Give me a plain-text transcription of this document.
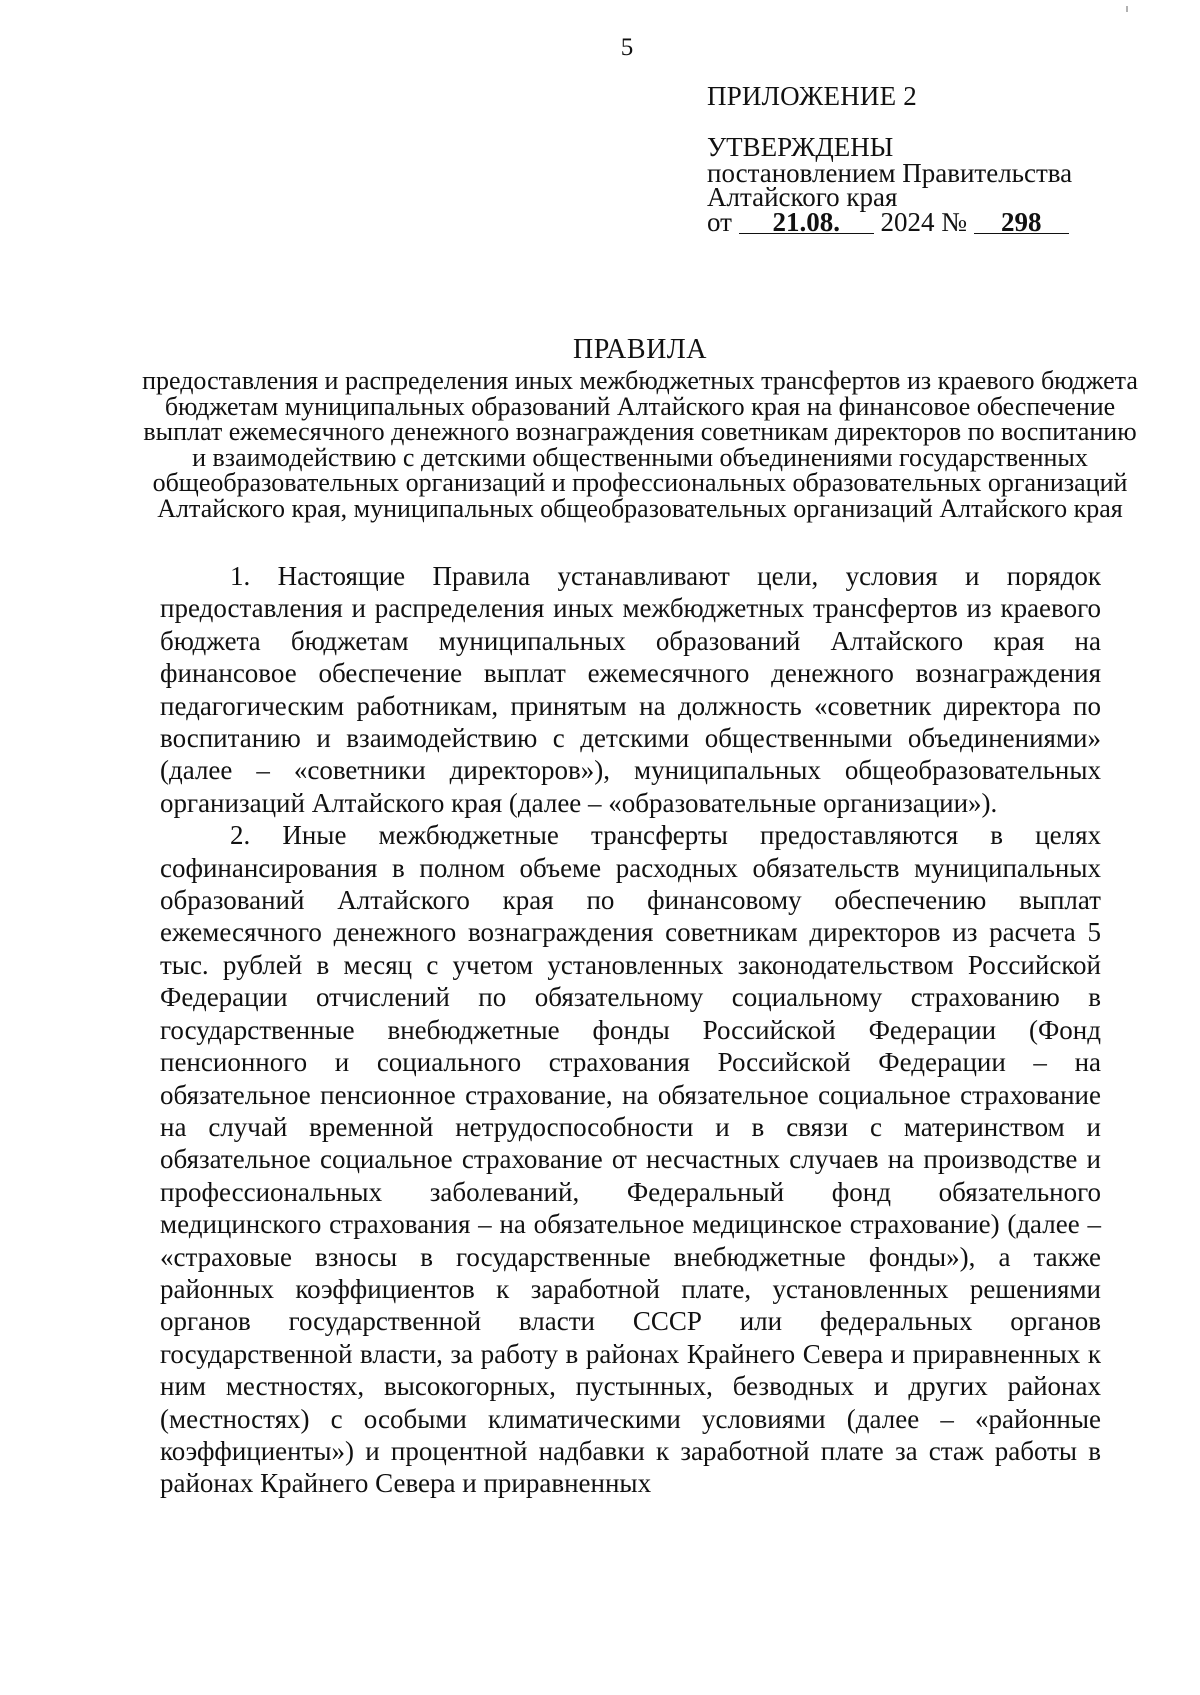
5
ПРИЛОЖЕНИЕ 2
УТВЕРЖДЕНЫ
постановлением Правительства
Алтайского края
от 21.08. 2024 № 298
ПРАВИЛА
предоставления и распределения иных межбюджетных трансфертов из краевого бюджета бюджетам муниципальных образований Алтайского края на финансовое обеспечение выплат ежемесячного денежного вознаграждения советникам директоров по воспитанию и взаимодействию с детскими общественными объединениями государственных общеобразовательных организаций и профессиональных образовательных организаций Алтайского края, муниципальных общеобразовательных организаций Алтайского края

1. Настоящие Правила устанавливают цели, условия и порядок предоставления и распределения иных межбюджетных трансфертов из краевого бюджета бюджетам муниципальных образований Алтайского края на финансовое обеспечение выплат ежемесячного денежного вознаграждения педагогическим работникам, принятым на должность «советник директора по воспитанию и взаимодействию с детскими общественными объединениями» (далее – «советники директоров»), муниципальных общеобразовательных организаций Алтайского края (далее – «образовательные организации»).

2. Иные межбюджетные трансферты предоставляются в целях софинансирования в полном объеме расходных обязательств муниципальных образований Алтайского края по финансовому обеспечению выплат ежемесячного денежного вознаграждения советникам директоров из расчета 5 тыс. рублей в месяц с учетом установленных законодательством Российской Федерации отчислений по обязательному социальному страхованию в государственные внебюджетные фонды Российской Федерации (Фонд пенсионного и социального страхования Российской Федерации – на обязательное пенсионное страхование, на обязательное социальное страхование на случай временной нетрудоспособности и в связи с материнством и обязательное социальное страхование от несчастных случаев на производстве и профессиональных заболеваний, Федеральный фонд обязательного медицинского страхования – на обязательное медицинское страхование) (далее – «страховые взносы в государственные внебюджетные фонды»), а также районных коэффициентов к заработной плате, установленных решениями органов государственной власти СССР или федеральных органов государственной власти, за работу в районах Крайнего Севера и приравненных к ним местностях, высокогорных, пустынных, безводных и других районах (местностях) с особыми климатическими условиями (далее – «районные коэффициенты») и процентной надбавки к заработной плате за стаж работы в районах Крайнего Севера и приравненных
